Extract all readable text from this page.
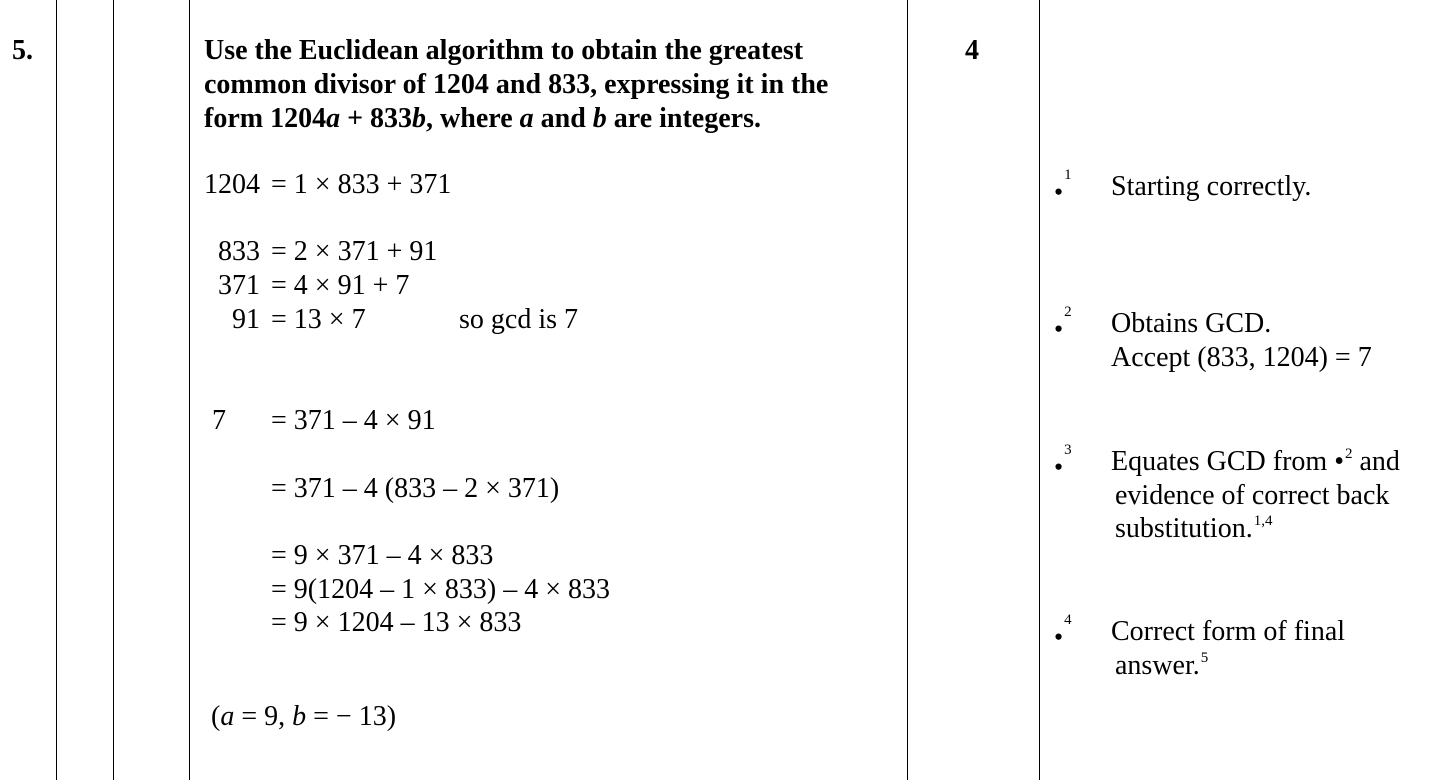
5.	4
Use the Euclidean algorithm to obtain the greatest
common divisor of 1204 and 833, expressing it in the
form 1204a + 833b, where a and b are integers.
1204 = 1 × 833 + 371
833 = 2 × 371 + 91
371 = 4 × 91 + 7
91 = 13 × 7	so gcd is 7
7 = 371 – 4 × 91
= 371 – 4 (833 – 2 × 371)
= 9 × 371 – 4 × 833
= 9(1204 – 1 × 833) – 4 × 833
= 9 × 1204 – 13 × 833
(a = 9, b = − 13)
•$^1$ Starting correctly.
•$^2$ Obtains GCD.
Accept (833, 1204) = 7
•$^3$ Equates GCD from •$^2$ and
evidence of correct back
substitution.$^{1,4}$
•$^4$ Correct form of final
answer.$^5$
